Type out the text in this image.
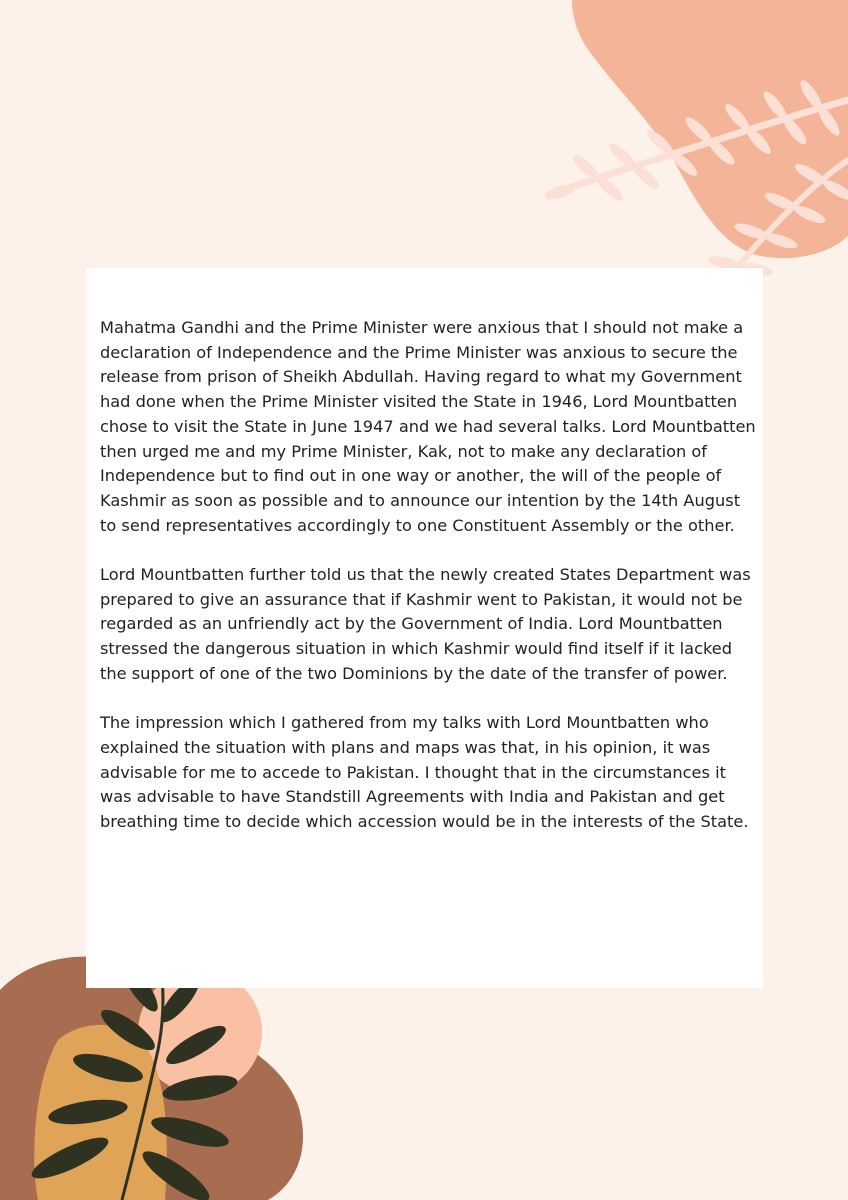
Mahatma Gandhi and the Prime Minister were anxious that I should not make a declaration of Independence and the Prime Minister was anxious to secure the release from prison of Sheikh Abdullah. Having regard to what my Government had done when the Prime Minister visited the State in 1946, Lord Mountbatten chose to visit the State in June 1947 and we had several talks. Lord Mountbatten then urged me and my Prime Minister, Kak, not to make any declaration of Independence but to find out in one way or another, the will of the people of Kashmir as soon as possible and to announce our intention by the 14th August to send representatives accordingly to one Constituent Assembly or the other.

Lord Mountbatten further told us that the newly created States Department was prepared to give an assurance that if Kashmir went to Pakistan, it would not be regarded as an unfriendly act by the Government of India. Lord Mountbatten stressed the dangerous situation in which Kashmir would find itself if it lacked the support of one of the two Dominions by the date of the transfer of power.

The impression which I gathered from my talks with Lord Mountbatten who explained the situation with plans and maps was that, in his opinion, it was advisable for me to accede to Pakistan. I thought that in the circumstances it was advisable to have Standstill Agreements with India and Pakistan and get breathing time to decide which accession would be in the interests of the State.
